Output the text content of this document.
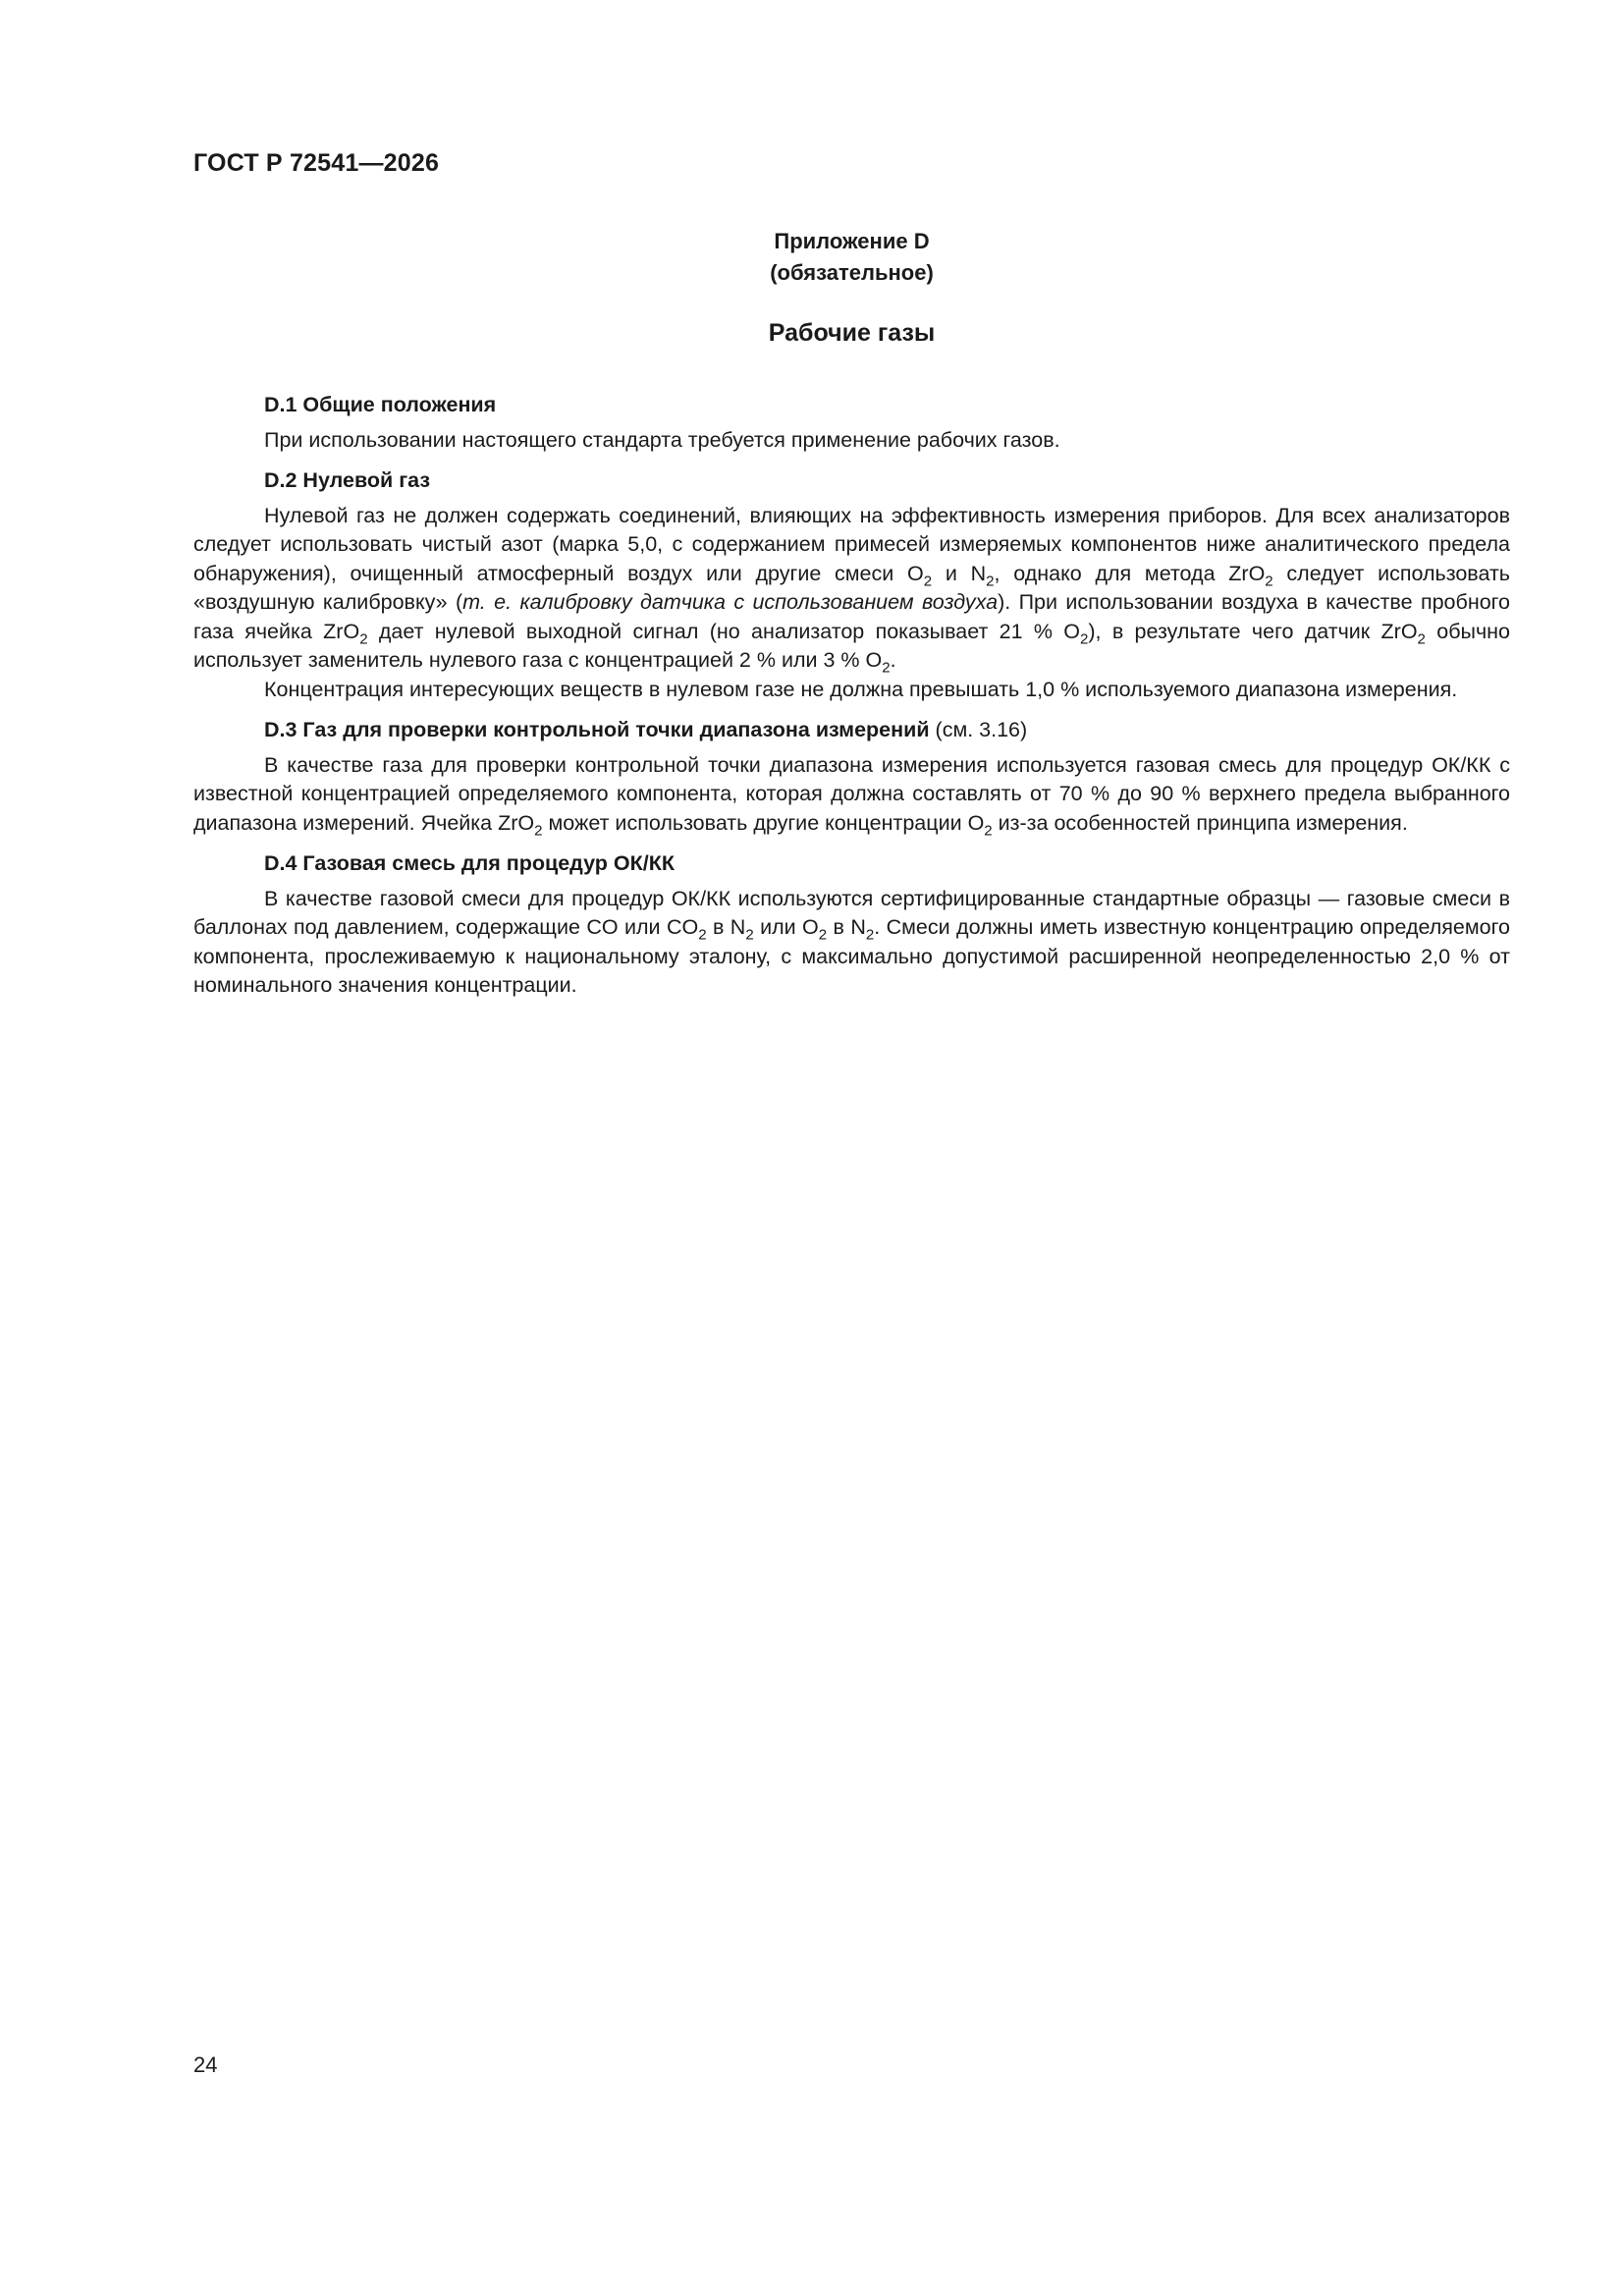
ГОСТ Р 72541—2026
Приложение D
(обязательное)
Рабочие газы
D.1 Общие положения

При использовании настоящего стандарта требуется применение рабочих газов.

D.2 Нулевой газ

Нулевой газ не должен содержать соединений, влияющих на эффективность измерения приборов. Для всех анализаторов следует использовать чистый азот (марка 5,0, с содержанием примесей измеряемых компонентов ниже аналитического предела обнаружения), очищенный атмосферный воздух или другие смеси $O_2$ и $N_2$, однако для метода ZrO$_2$ следует использовать «воздушную калибровку» (т. е. калибровку датчика с использованием воздуха). При использовании воздуха в качестве пробного газа ячейка ZrO$_2$ дает нулевой выходной сигнал (но анализатор показывает 21 % $O_2$), в результате чего датчик ZrO$_2$ обычно использует заменитель нулевого газа с концентрацией 2 % или 3 % $O_2$.

Концентрация интересующих веществ в нулевом газе не должна превышать 1,0 % используемого диапазона измерения.

D.3 Газ для проверки контрольной точки диапазона измерений (см. 3.16)

В качестве газа для проверки контрольной точки диапазона измерения используется газовая смесь для процедур ОК/КК с известной концентрацией определяемого компонента, которая должна составлять от 70 % до 90 % верхнего предела выбранного диапазона измерений. Ячейка ZrO$_2$ может использовать другие концентрации $O_2$ из-за особенностей принципа измерения.

D.4 Газовая смесь для процедур ОК/КК

В качестве газовой смеси для процедур ОК/КК используются сертифицированные стандартные образцы — газовые смеси в баллонах под давлением, содержащие CO или $CO_2$ в $N_2$ или $O_2$ в $N_2$. Смеси должны иметь известную концентрацию определяемого компонента, прослеживаемую к национальному эталону, с максимально допустимой расширенной неопределенностью 2,0 % от номинального значения концентрации.

24
